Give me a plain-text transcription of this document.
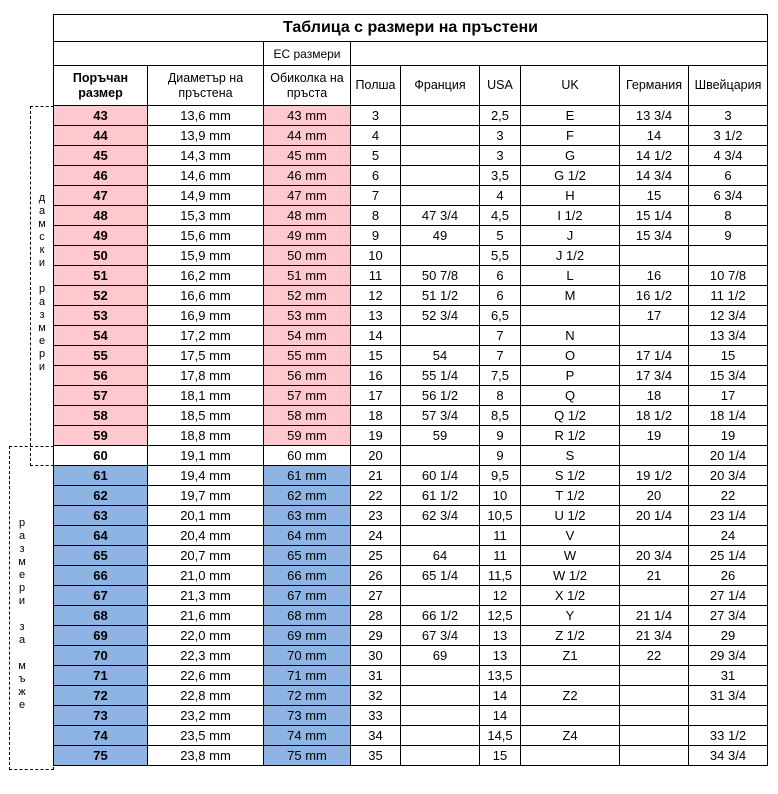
д
а
м
с
к
и
р
а
з
м
е
р
и
р
а
з
м
е
р
и
з
а
м
ъ
ж
е
Таблица с размери на пръстени								
		ЕС размери						
Поръчан размер	Диаметър на пръстена	Обиколка на пръста	Полша	Франция	USA	UK	Германия	Швейцария
43	13,6 mm	43 mm	3		2,5	E	13 3/4	3
44	13,9 mm	44 mm	4		3	F	14	3 1/2
45	14,3 mm	45 mm	5		3	G	14 1/2	4 3/4
46	14,6 mm	46 mm	6		3,5	G 1/2	14 3/4	6
47	14,9 mm	47 mm	7		4	H	15	6 3/4
48	15,3 mm	48 mm	8	47 3/4	4,5	I 1/2	15 1/4	8
49	15,6 mm	49 mm	9	49	5	J	15 3/4	9
50	15,9 mm	50 mm	10		5,5	J 1/2		
51	16,2 mm	51 mm	11	50 7/8	6	L	16	10 7/8
52	16,6 mm	52 mm	12	51 1/2	6	M	16 1/2	11 1/2
53	16,9 mm	53 mm	13	52 3/4	6,5		17	12 3/4
54	17,2 mm	54 mm	14		7	N		13 3/4
55	17,5 mm	55 mm	15	54	7	O	17 1/4	15
56	17,8 mm	56 mm	16	55 1/4	7,5	P	17 3/4	15 3/4
57	18,1 mm	57 mm	17	56 1/2	8	Q	18	17
58	18,5 mm	58 mm	18	57 3/4	8,5	Q 1/2	18 1/2	18 1/4
59	18,8 mm	59 mm	19	59	9	R 1/2	19	19
60	19,1 mm	60 mm	20		9	S		20 1/4
61	19,4 mm	61 mm	21	60 1/4	9,5	S 1/2	19 1/2	20 3/4
62	19,7 mm	62 mm	22	61 1/2	10	T 1/2	20	22
63	20,1 mm	63 mm	23	62 3/4	10,5	U 1/2	20 1/4	23 1/4
64	20,4 mm	64 mm	24		11	V		24
65	20,7 mm	65 mm	25	64	11	W	20 3/4	25 1/4
66	21,0 mm	66 mm	26	65 1/4	11,5	W 1/2	21	26
67	21,3 mm	67 mm	27		12	X 1/2		27 1/4
68	21,6 mm	68 mm	28	66 1/2	12,5	Y	21 1/4	27 3/4
69	22,0 mm	69 mm	29	67 3/4	13	Z 1/2	21 3/4	29
70	22,3 mm	70 mm	30	69	13	Z1	22	29 3/4
71	22,6 mm	71 mm	31		13,5			31
72	22,8 mm	72 mm	32		14	Z2		31 3/4
73	23,2 mm	73 mm	33		14			
74	23,5 mm	74 mm	34		14,5	Z4		33 1/2
75	23,8 mm	75 mm	35		15			34 3/4
